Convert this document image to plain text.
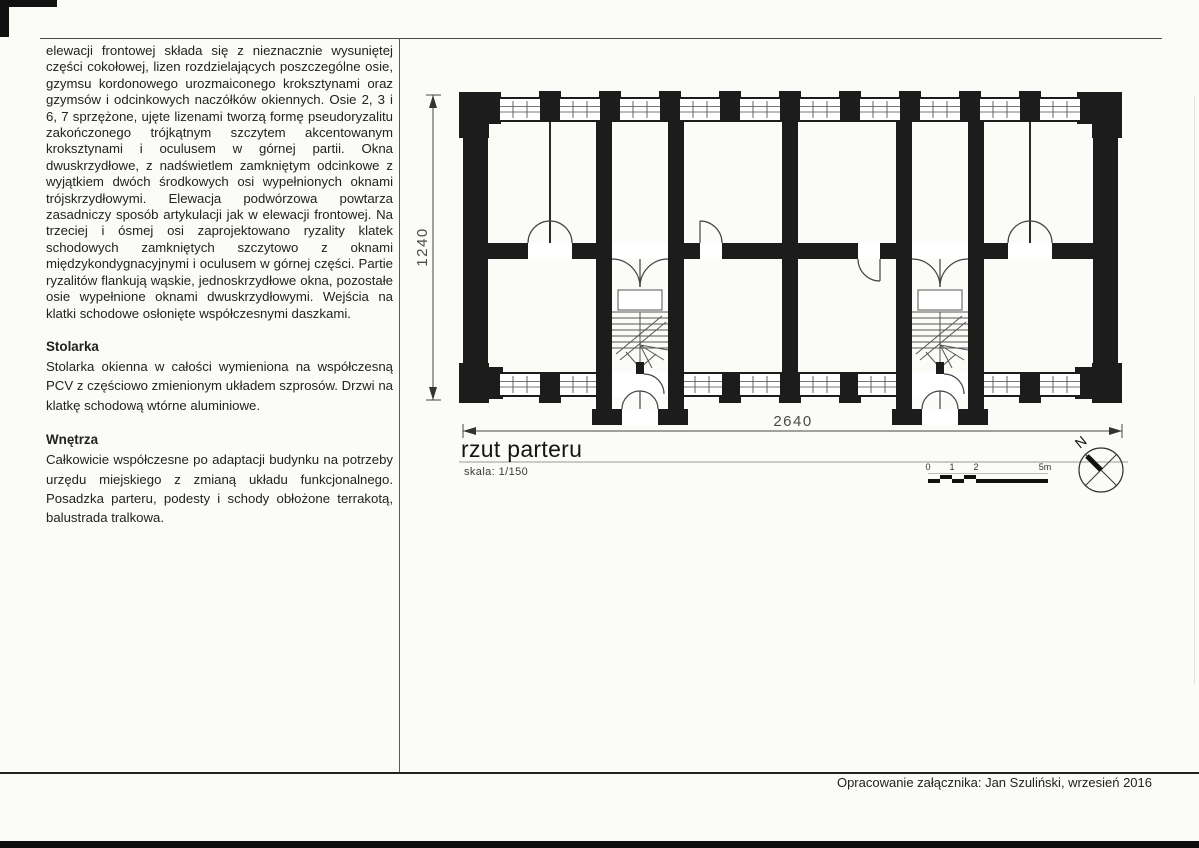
elewacji frontowej składa się z nieznacznie wysuniętej części cokołowej, lizen rozdzielających poszczególne osie, gzymsu kordonowego urozmaiconego kroksztynami oraz gzymsów i odcinkowych naczółków okiennych. Osie 2, 3 i 6, 7 sprzężone, ujęte lizenami tworzą formę pseudoryzalitu zakończonego trójkątnym szczytem akcentowanym kroksztynami i oculusem w górnej partii. Okna dwuskrzydłowe, z nadświetlem zamkniętym odcinkowe z wyjątkiem dwóch środkowych osi wypełnionych oknami trójskrzydłowymi. Elewacja podwórzowa powtarza zasadniczy sposób artykulacji jak w elewacji frontowej. Na trzeciej i ósmej osi zaprojektowano ryzality klatek schodowych zamkniętych szczytowo z oknami międzykondygnacyjnymi i oculusem w górnej części. Partie ryzalitów flankują wąskie, jednoskrzydłowe okna, pozostałe osie wypełnione oknami dwuskrzydłowymi. Wejścia na klatki schodowe osłonięte współczesnymi daszkami.

Stolarka

Stolarka okienna w całości wymieniona na współczesną PCV z częściowo zmienionym układem szprosów. Drzwi na klatkę schodową wtórne aluminiowe.

Wnętrza

Całkowicie współczesne po adaptacji budynku na potrzeby urzędu miejskiego z zmianą układu funkcjonalnego. Posadzka parteru, podesty i schody obłożone terrakotą, balustrada tralkowa.

1240
2640
0 1 2	5m
N
rzut parteru
skala: 1/150
Opracowanie załącznika: Jan Szuliński, wrzesień 2016
